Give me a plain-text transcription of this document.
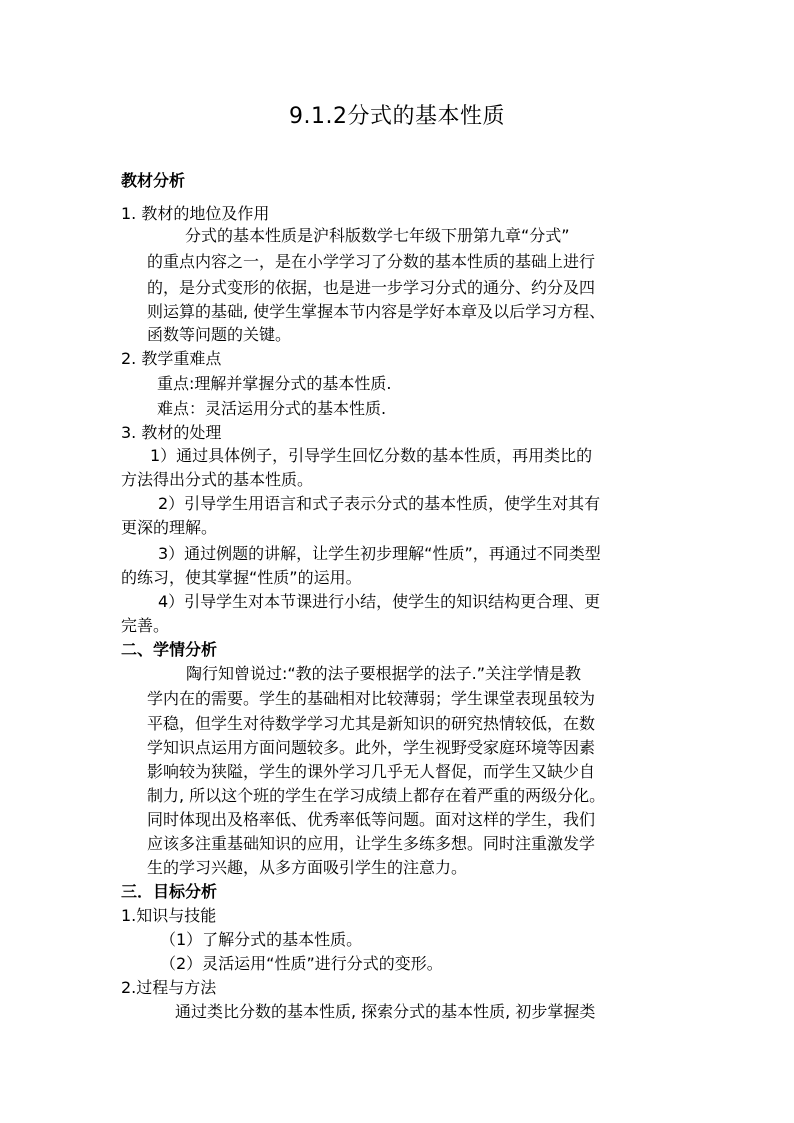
9.1.2分式的基本性质
教材分析
1. 教材的地位及作用
分式的基本性质是沪科版数学七年级下册第九章“分式”
的重点内容之一，是在小学学习了分数的基本性质的基础上进行
的，是分式变形的依据，也是进一步学习分式的通分、约分及四
则运算的基础, 使学生掌握本节内容是学好本章及以后学习方程、
函数等问题的关键。
2. 教学重难点
重点:理解并掌握分式的基本性质.
难点：灵活运用分式的基本性质.
3. 教材的处理
1）通过具体例子，引导学生回忆分数的基本性质，再用类比的
方法得出分式的基本性质。
2）引导学生用语言和式子表示分式的基本性质，使学生对其有
更深的理解。
3）通过例题的讲解，让学生初步理解“性质”，再通过不同类型
的练习，使其掌握“性质”的运用。
4）引导学生对本节课进行小结，使学生的知识结构更合理、更
完善。
二、学情分析
陶行知曾说过:“教的法子要根据学的法子.”关注学情是教
学内在的需要。学生的基础相对比较薄弱；学生课堂表现虽较为
平稳，但学生对待数学学习尤其是新知识的研究热情较低，在数
学知识点运用方面问题较多。此外，学生视野受家庭环境等因素
影响较为狭隘，学生的课外学习几乎无人督促，而学生又缺少自
制力, 所以这个班的学生在学习成绩上都存在着严重的两级分化。
同时体现出及格率低、优秀率低等问题。面对这样的学生，我们
应该多注重基础知识的应用，让学生多练多想。同时注重激发学
生的学习兴趣，从多方面吸引学生的注意力。
三．目标分析
1.知识与技能
（1）了解分式的基本性质。
（2）灵活运用“性质”进行分式的变形。
2.过程与方法
通过类比分数的基本性质, 探索分式的基本性质, 初步掌握类
